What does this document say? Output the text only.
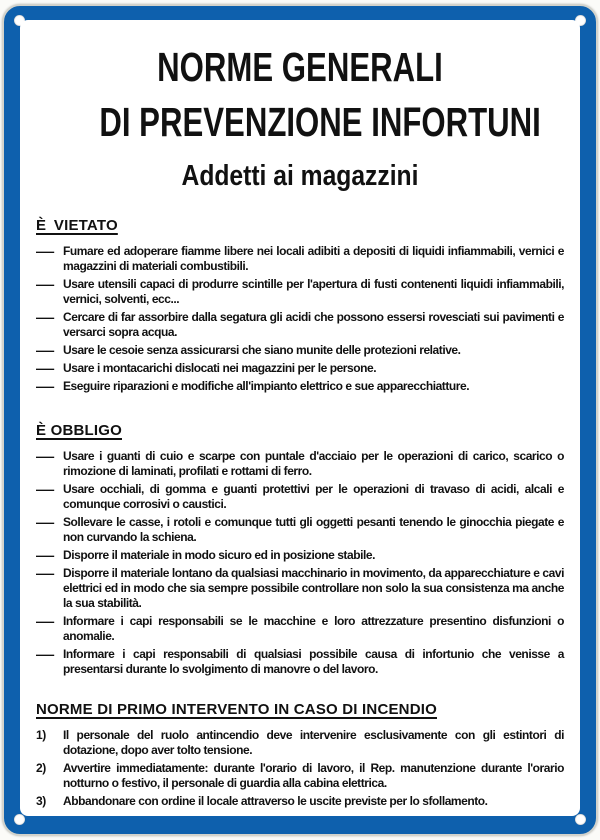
NORME GENERALI
DI PREVENZIONE INFORTUNI
Addetti ai magazzini
È VIETATO
— Fumare ed adoperare fiamme libere nei locali adibiti a depositi di liquidi infiammabili, vernici e magazzini di materiali combustibili.
— Usare utensili capaci di produrre scintille per l'apertura di fusti contenenti liquidi infiammabili, vernici, solventi, ecc...
— Cercare di far assorbire dalla segatura gli acidi che possono essersi rovesciati sui pavimenti e versarci sopra acqua.
— Usare le cesoie senza assicurarsi che siano munite delle protezioni relative.
— Usare i montacarichi dislocati nei magazzini per le persone.
— Eseguire riparazioni e modifiche all'impianto elettrico e sue apparecchiatture.
È OBBLIGO
— Usare i guanti di cuio e scarpe con puntale d'acciaio per le operazioni di carico, scarico o rimozione di laminati, profilati e rottami di ferro.
— Usare occhiali, di gomma e guanti protettivi per le operazioni di travaso di acidi, alcali e comunque corrosivi o caustici.
— Sollevare le casse, i rotoli e comunque tutti gli oggetti pesanti tenendo le ginocchia piegate e non curvando la schiena.
— Disporre il materiale in modo sicuro ed in posizione stabile.
— Disporre il materiale lontano da qualsiasi macchinario in movimento, da apparecchiature e cavi elettrici ed in modo che sia sempre possibile controllare non solo la sua consistenza ma anche la sua stabilità.
— Informare i capi responsabili se le macchine e loro attrezzature presentino disfunzioni o anomalie.
— Informare i capi responsabili di qualsiasi possibile causa di infortunio che venisse a presentarsi durante lo svolgimento di manovre o del lavoro.
NORME DI PRIMO INTERVENTO IN CASO DI INCENDIO
1)	Il personale del ruolo antincendio deve intervenire esclusivamente con gli estintori di dotazione, dopo aver tolto tensione.
2)	Avvertire immediatamente: durante l'orario di lavoro, il Rep. manutenzione durante l'orario notturno o festivo, il personale di guardia alla cabina elettrica.
3)	Abbandonare con ordine il locale attraverso le uscite previste per lo sfollamento.
